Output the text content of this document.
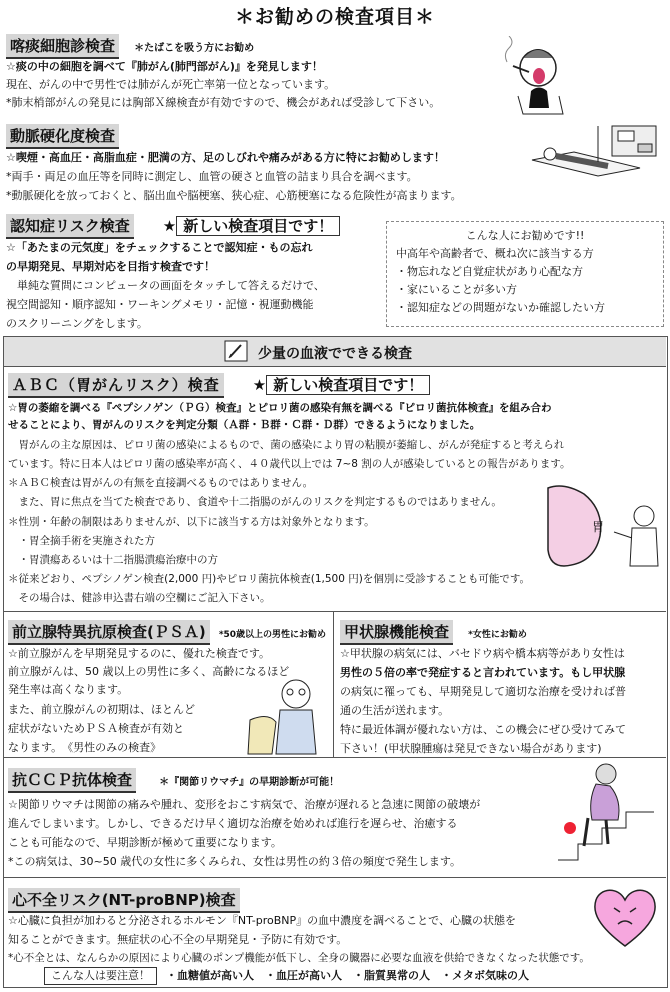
＊お勧めの検査項目＊
喀痰細胞診検査 ＊たばこを吸う方にお勧め
☆痰の中の細胞を調べて『肺がん(肺門部がん)』を発見します！
現在、がんの中で男性では肺がんが死亡率第一位となっています。
*肺末梢部がんの発見には胸部Ｘ線検査が有効ですので、機会があれば受診して下さい。
動脈硬化度検査
☆喫煙・高血圧・高脂血症・肥満の方、足のしびれや痛みがある方に特にお勧めします！
*両手・両足の血圧等を同時に測定し、血管の硬さと血管の詰まり具合を調べます。
*動脈硬化を放っておくと、脳出血や脳梗塞、狭心症、心筋梗塞になる危険性が高まります。
認知症リスク検査 ★ 新しい検査項目です！
☆「あたまの元気度」をチェックすることで認知症・もの忘れ
の早期発見、早期対応を目指す検査です！
　単純な質問にコンピュータの画面をタッチして答えるだけで、
視空間認知・順序認知・ワーキングメモリ・記憶・視運動機能
のスクリーニングをします。
こんな人にお勧めです!!
中高年や高齢者で、概ね次に該当する方
・物忘れなど自覚症状があり心配な方
・家にいることが多い方
・認知症などの問題がないか確認したい方
少量の血液でできる検査
ＡＢＣ（胃がんリスク）検査 ★ 新しい検査項目です！
☆胃の萎縮を調べる『ペプシノゲン（ＰＧ）検査』とピロリ菌の感染有無を調べる『ピロリ菌抗体検査』を組み合わ
せることにより、胃がんのリスクを判定分類（Ａ群・Ｂ群・Ｃ群・Ｄ群）できるようになりました。
　胃がんの主な原因は、ピロリ菌の感染によるもので、菌の感染により胃の粘膜が萎縮し、がんが発症すると考えられ
ています。特に日本人はピロリ菌の感染率が高く、４０歳代以上では 7~8 割の人が感染しているとの報告があります。
＊ＡＢＣ検査は胃がんの有無を直接調べるものではありません。
　また、胃に焦点を当てた検査であり、食道や十二指腸のがんのリスクを判定するものではありません。
＊性別・年齢の制限はありませんが、以下に該当する方は対象外となります。
　・胃全摘手術を実施された方
　・胃潰瘍あるいは十二指腸潰瘍治療中の方
＊従来どおり、ペプシノゲン検査(2,000 円)やピロリ菌抗体検査(1,500 円)を個別に受診することも可能です。
　その場合は、健診申込書右端の空欄にご記入下さい。
胃
前立腺特異抗原検査(ＰＳＡ) *50歳以上の男性にお勧め
☆前立腺がんを早期発見するのに、優れた検査です。
前立腺がんは、50 歳以上の男性に多く、高齢になるほど
発生率は高くなります。
また、前立腺がんの初期は、ほとんど
症状がないためＰＳＡ検査が有効と
なります。　《男性のみの検査》
甲状腺機能検査 *女性にお勧め
☆甲状腺の病気には、バセドウ病や橋本病等があり女性は
男性の５倍の率で発症すると言われています。もし甲状腺
の病気に罹っても、早期発見して適切な治療を受ければ普
通の生活が送れます。
特に最近体調が優れない方は、この機会にぜひ受けてみて
下さい！(甲状腺腫瘍は発見できない場合があります)
抗ＣＣＰ抗体検査	＊『関節リウマチ』の早期診断が可能！
☆関節リウマチは関節の痛みや腫れ、変形をおこす病気で、治療が遅れると急速に関節の破壊が
進んでしまいます。しかし、できるだけ早く適切な治療を始めれば進行を遅らせ、治癒する
ことも可能なので、早期診断が極めて重要になります。
*この病気は、30~50 歳代の女性に多くみられ、女性は男性の約３倍の頻度で発生します。
心不全リスク(NT-proBNP)検査
☆心臓に負担が加わると分泌されるホルモン『NT-proBNP』の血中濃度を調べることで、心臓の状態を
知ることができます。無症状の心不全の早期発見・予防に有効です。
*心不全とは、なんらかの原因により心臓のポンプ機能が低下し、全身の臓器に必要な血液を供給できなくなった状態です。
こんな人は要注意！	・血糖値が高い人　・血圧が高い人　・脂質異常の人　・メタボ気味の人
